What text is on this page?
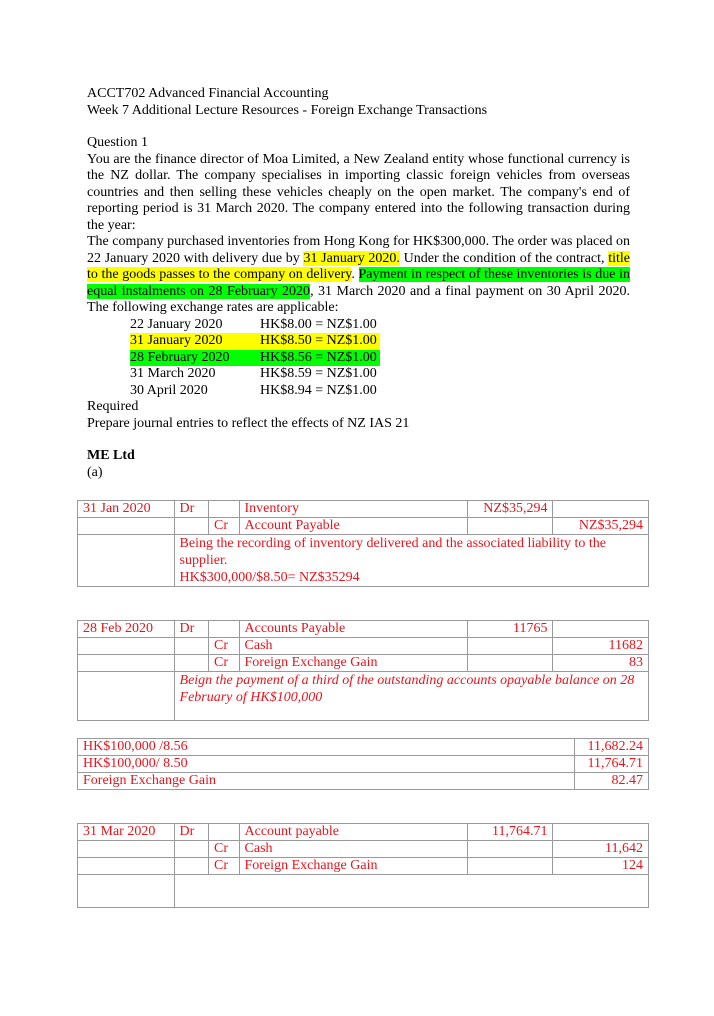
ACCT702 Advanced Financial Accounting
Week 7 Additional Lecture Resources - Foreign Exchange Transactions
Question 1
You are the finance director of Moa Limited, a New Zealand entity whose functional currency is the NZ dollar. The company specialises in importing classic foreign vehicles from overseas countries and then selling these vehicles cheaply on the open market. The company's end of reporting period is 31 March 2020. The company entered into the following transaction during the year:
The company purchased inventories from Hong Kong for HK$300,000. The order was placed on 22 January 2020 with delivery due by 31 January 2020. Under the condition of the contract, title to the goods passes to the company on delivery. Payment in respect of these inventories is due in equal instalments on 28 February 2020, 31 March 2020 and a final payment on 30 April 2020. The following exchange rates are applicable:
22 January 2020	HK$8.00 = NZ$1.00
31 January 2020	HK$8.50 = NZ$1.00
28 February 2020	HK$8.56 = NZ$1.00
31 March 2020	HK$8.59 = NZ$1.00
30 April 2020	HK$8.94 = NZ$1.00
Required
Prepare journal entries to reflect the effects of NZ IAS 21
ME Ltd
(a)
31 Jan 2020	Dr		Inventory	NZ$35,294	
		Cr	Account Payable		NZ$35,294

	Being the recording of inventory delivered and the associated liability to the supplier.
HK$300,000/$8.50= NZ$35294				
28 Feb 2020	Dr		Accounts Payable	11765	
		Cr	Cash		11682
		Cr	Foreign Exchange Gain		83
	Beign the payment of a third of the outstanding accounts opayable balance on 28 February of HK$100,000				
HK$100,000 /8.56	11,682.24
HK$100,000/ 8.50	11,764.71
Foreign Exchange Gain	82.47
31 Mar 2020	Dr		Account payable	11,764.71	
		Cr	Cash		11,642
		Cr	Foreign Exchange Gain		124
